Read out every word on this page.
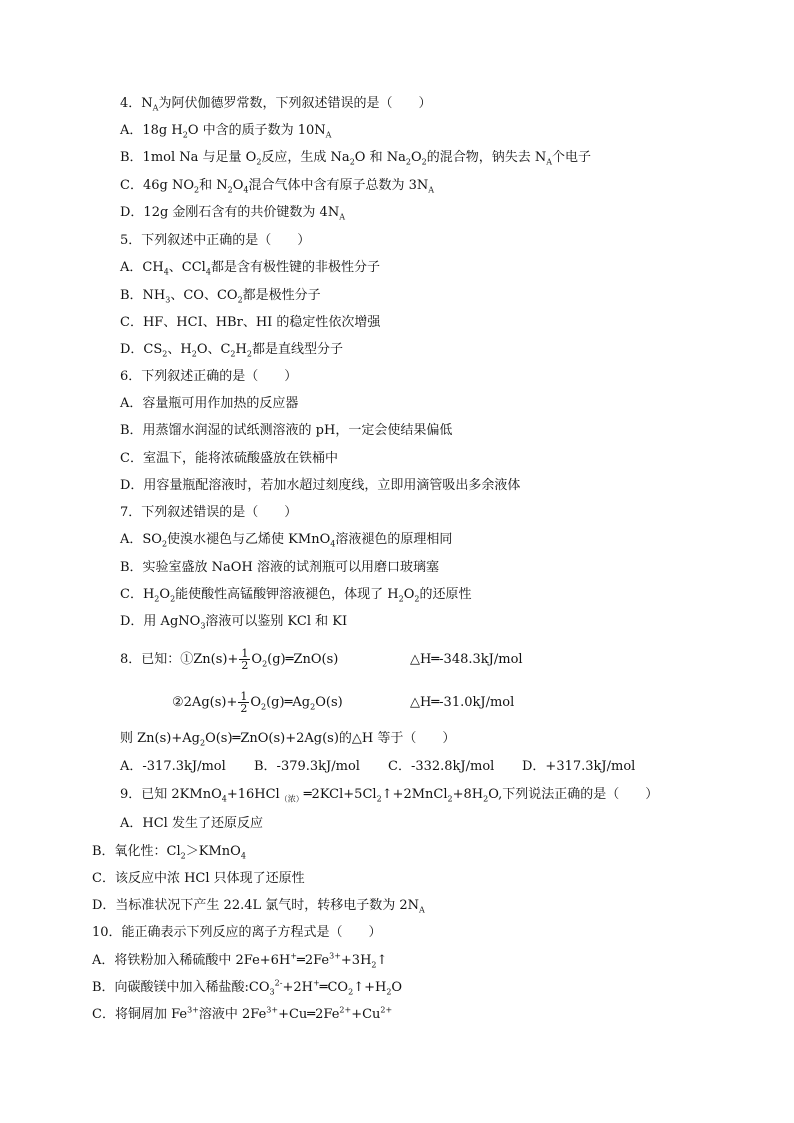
4．$N_A$为阿伏伽德罗常数，下列叙述错误的是（　　）
A．18g $H_2O$ 中含的质子数为 $10N_A$
B．1mol Na 与足量 $O_2$反应，生成 $Na_2O$ 和 $Na_2O_2$的混合物，钠失去 $N_A$个电子
C．46g $NO_2$和 $N_2O_4$混合气体中含有原子总数为 $3N_A$
D．12g 金刚石含有的共价键数为 $4N_A$
5．下列叙述中正确的是（　　）
A．$CH_4$、CCl$_4$都是含有极性键的非极性分子
B．$NH_3$、CO、$CO_2$都是极性分子
C．HF、HCI、HBr、HI 的稳定性依次增强
D．$CS_2$、$H_2O$、$C_2H_2$都是直线型分子
6．下列叙述正确的是（　　）
A．容量瓶可用作加热的反应器
B．用蒸馏水润湿的试纸测溶液的 pH，一定会使结果偏低
C．室温下，能将浓硫酸盛放在铁桶中
D．用容量瓶配溶液时，若加水超过刻度线，立即用滴管吸出多余液体
7．下列叙述错误的是（　　）
A．$SO_2$使溴水褪色与乙烯使 KMnO$_4$溶液褪色的原理相同
B．实验室盛放 NaOH 溶液的试剂瓶可以用磨口玻璃塞
C．$H_2O_2$能使酸性高锰酸钾溶液褪色，体现了 $H_2O_2$的还原性
D．用 AgNO$_3$溶液可以鉴别 KCl 和 KI
8．已知：①Zn(s)+ $\frac{1}{2}$ $O_2(g)═ZnO(s)$	△H═-348.3kJ/mol
②2Ag(s)+ $\frac{1}{2}$ $O_2(g)═Ag_2O(s)$	△H═-31.0kJ/mol
则 $Zn(s)+Ag_2O(s)═ZnO(s)+2Ag(s)$的△H 等于（　　）
A．-317.3kJ/mol B．-379.3kJ/mol C．-332.8kJ/mol D．+317.3kJ/mol
9．已知 $2KMnO_4+16HCl_{(浓)}═2KCl+5Cl_2↑+2MnCl_2+8H_2O$,下列说法正确的是（　　）
A．HCl 发生了还原反应
B．氧化性：$Cl_2>KMnO_4$
C．该反应中浓 HCl 只体现了还原性
D．当标准状况下产生 22.4L 氯气时，转移电子数为 $2N_A$
10．能正确表示下列反应的离子方程式是（　　）
A．将铁粉加入稀硫酸中 $2Fe+6H^+═2Fe^{3+}+3H_2↑$
B．向碳酸镁中加入稀盐酸$:CO_3^{2-}+2H^+═CO_2↑+H_2O$
C．将铜屑加 $Fe^{3+}$溶液中 $2Fe^{3+}+Cu═2Fe^{2+}+Cu^{2+}$
